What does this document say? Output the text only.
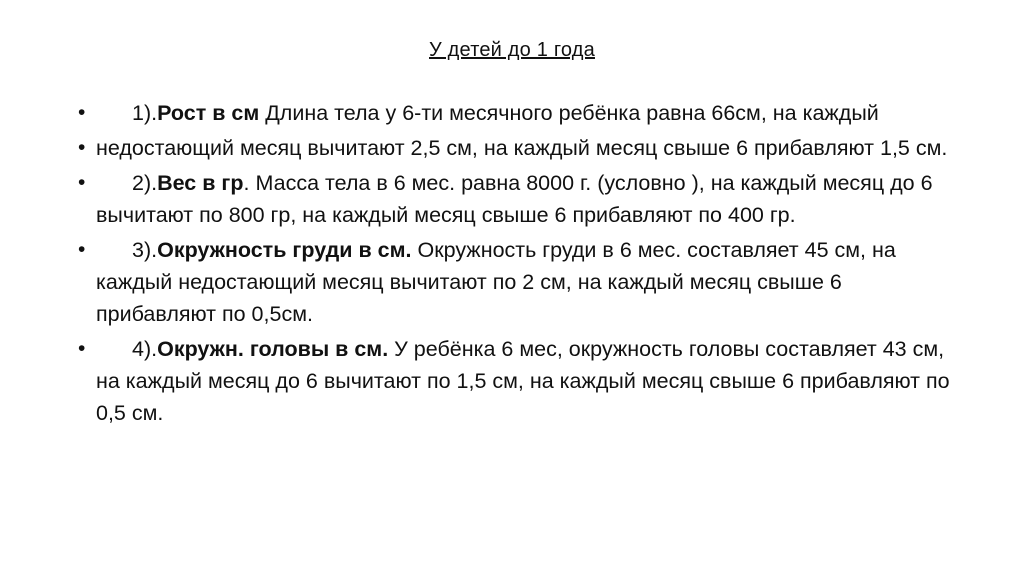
У детей до 1 года
• 1).Рост в см Длина тела у 6-ти месячного ребёнка равна 66см, на каждый
• недостающий месяц вычитают 2,5 см, на каждый месяц свыше 6 прибавляют 1,5 см.
• 2).Вес в гр. Масса тела в 6 мес. равна 8000 г. (условно ), на каждый месяц до 6 вычитают по 800 гр, на каждый месяц свыше 6 прибавляют по 400 гр.
• 3).Окружность груди в см. Окружность груди в 6 мес. составляет 45 см, на каждый недостающий месяц вычитают по 2 см, на каждый месяц свыше 6 прибавляют по 0,5см.
• 4).Окружн. головы в см. У ребёнка 6 мес, окружность головы составляет 43 см, на каждый месяц до 6 вычитают по 1,5 см, на каждый месяц свыше 6 прибавляют по 0,5 см.
